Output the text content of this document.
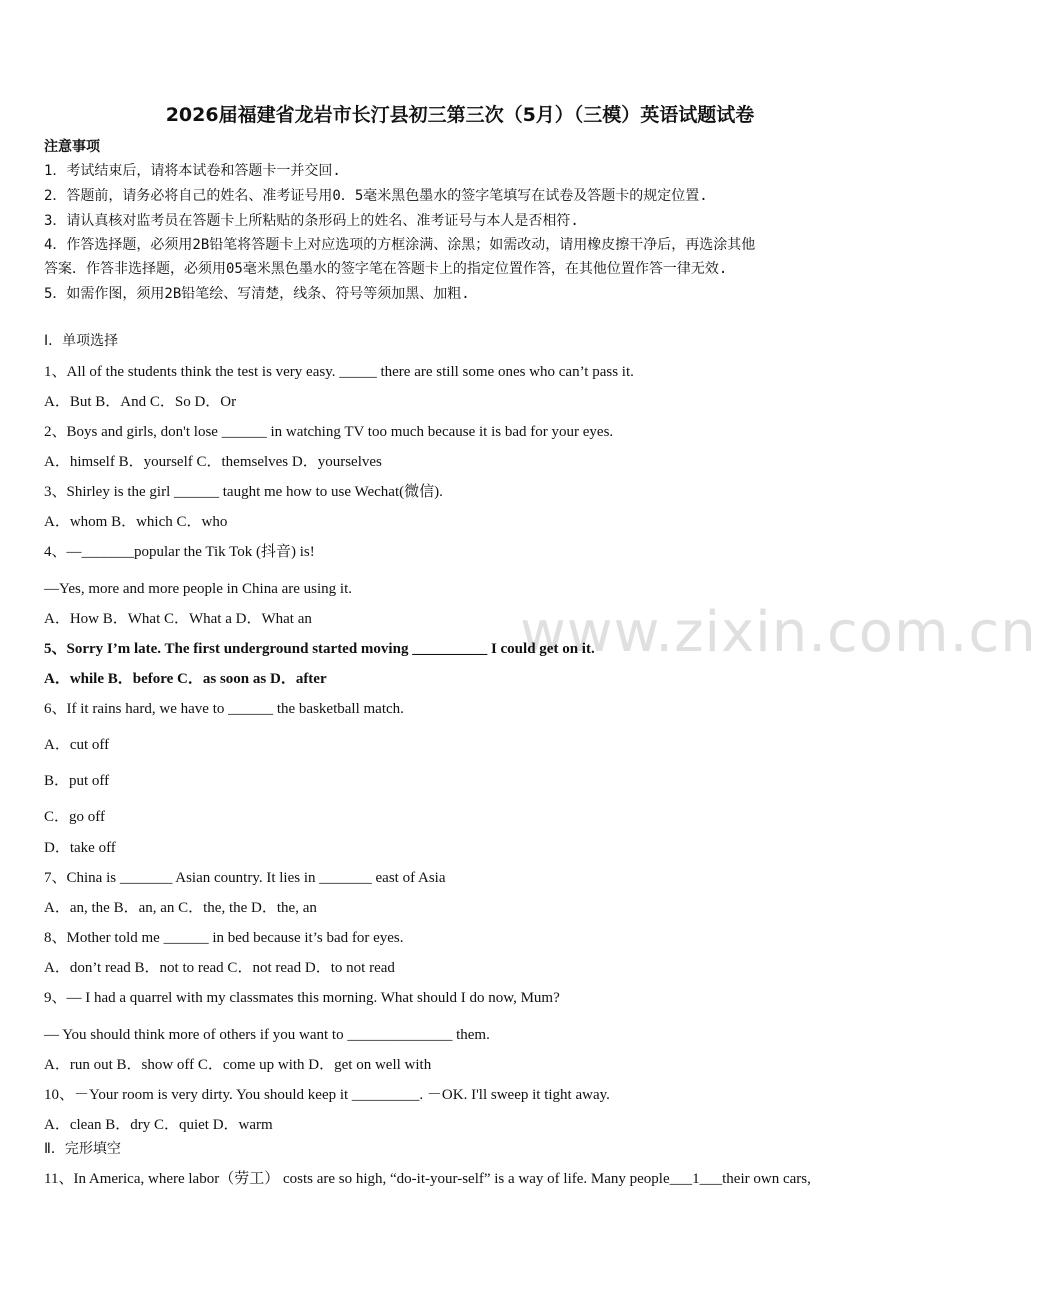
www.zixin.com.cn
2026届福建省龙岩市长汀县初三第三次（5月）（三模）英语试题试卷
注意事项
1．考试结束后，请将本试卷和答题卡一并交回.
2．答题前，请务必将自己的姓名、准考证号用0．5毫米黑色墨水的签字笔填写在试卷及答题卡的规定位置.
3．请认真核对监考员在答题卡上所粘贴的条形码上的姓名、准考证号与本人是否相符.
4．作答选择题，必须用2B铅笔将答题卡上对应选项的方框涂满、涂黑；如需改动，请用橡皮擦干净后，再选涂其他
答案．作答非选择题，必须用05毫米黑色墨水的签字笔在答题卡上的指定位置作答，在其他位置作答一律无效.
5．如需作图，须用2B铅笔绘、写清楚，线条、符号等须加黑、加粗.
Ⅰ．单项选择
1、All of the students think the test is very easy. _____ there are still some ones who can’t pass it.
A．But B．And C．So D．Or
2、Boys and girls, don't lose ______ in watching TV too much because it is bad for your eyes.
A．himself B．yourself C．themselves D．yourselves
3、Shirley is the girl ______ taught me how to use Wechat(微信).
A．whom B．which C．who
4、—_______popular the Tik Tok (抖音) is!
—Yes, more and more people in China are using it.
A．How B．What C．What a D．What an
5、Sorry I’m late. The first underground started moving __________ I could get on it.
A．while B．before C．as soon as D．after
6、If it rains hard, we have to ______ the basketball match.
A．cut off
B．put off
C．go off
D．take off
7、China is _______ Asian country. It lies in _______ east of Asia
A．an, the B．an, an C．the, the D．the, an
8、Mother told me ______ in bed because it’s bad for eyes.
A．don’t read B．not to read C．not read D．to not read
9、— I had a quarrel with my classmates this morning. What should I do now, Mum?
— You should think more of others if you want to ______________ them.
A．run out B．show off C．come up with D．get on well with
10、－Your room is very dirty. You should keep it _________. －OK. I'll sweep it tight away.
A．clean B．dry C．quiet D．warm
Ⅱ．完形填空
11、In America, where labor（劳工） costs are so high, “do-it-your-self” is a way of life. Many people___1___their own cars,
